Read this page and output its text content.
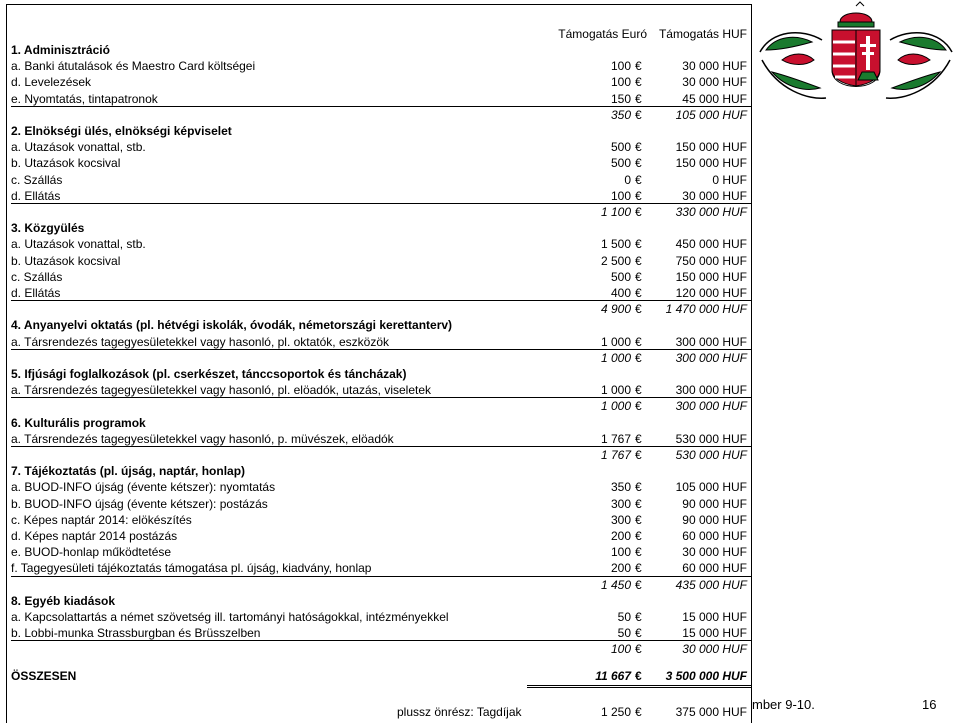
Támogatás Euró Támogatás HUF
1. Adminisztráció
a. Banki átutalások és Maestro Card költségei	100 €	30 000 HUF
d. Levelezések	100 €	30 000 HUF
e. Nyomtatás, tintapatronok	150 €	45 000 HUF
350 €	105 000 HUF
2. Elnökségi ülés, elnökségi képviselet
a. Utazások vonattal, stb.	500 €	150 000 HUF
b. Utazások kocsival	500 €	150 000 HUF
c. Szállás	0 €	0 HUF
d. Ellátás	100 €	30 000 HUF
1 100 €	330 000 HUF
3. Közgyülés
a. Utazások vonattal, stb.	1 500 €	450 000 HUF
b. Utazások kocsival	2 500 €	750 000 HUF
c. Szállás	500 €	150 000 HUF
d. Ellátás	400 €	120 000 HUF
4 900 €	1 470 000 HUF
4. Anyanyelvi oktatás (pl. hétvégi iskolák, óvodák, németországi kerettanterv)
a. Társrendezés tagegyesületekkel vagy hasonló, pl. oktatók, eszközök	1 000 €	300 000 HUF
1 000 €	300 000 HUF
5. Ifjúsági foglalkozások (pl. cserkészet, tánccsoportok és táncházak)
a. Társrendezés tagegyesületekkel vagy hasonló, pl. elöadók, utazás, viseletek	1 000 €	300 000 HUF
1 000 €	300 000 HUF
6. Kulturális programok
a. Társrendezés tagegyesületekkel vagy hasonló, p. müvészek, elöadók	1 767 €	530 000 HUF
1 767 €	530 000 HUF
7. Tájékoztatás (pl. újság, naptár, honlap)
a. BUOD-INFO újság (évente kétszer): nyomtatás	350 €	105 000 HUF
b. BUOD-INFO újság (évente kétszer): postázás	300 €	90 000 HUF
c. Képes naptár 2014: elökészítés	300 €	90 000 HUF
d. Képes naptár 2014 postázás	200 €	60 000 HUF
e. BUOD-honlap működtetése	100 €	30 000 HUF
f. Tagegyesületi tájékoztatás támogatása pl. újság, kiadvány, honlap	200 €	60 000 HUF
1 450 €	435 000 HUF
8. Egyéb kiadások
a. Kapcsolattartás a német szövetség ill. tartományi hatóságokkal, intézményekkel	50 €	15 000 HUF
b. Lobbi-munka Strassburgban és Brüsszelben	50 €	15 000 HUF
100 €	30 000 HUF
ÖSSZESEN	11 667 €	3 500 000 HUF
plussz önrész: Tagdíjak	1 250 €	375 000 HUF mber 9-10.	16
